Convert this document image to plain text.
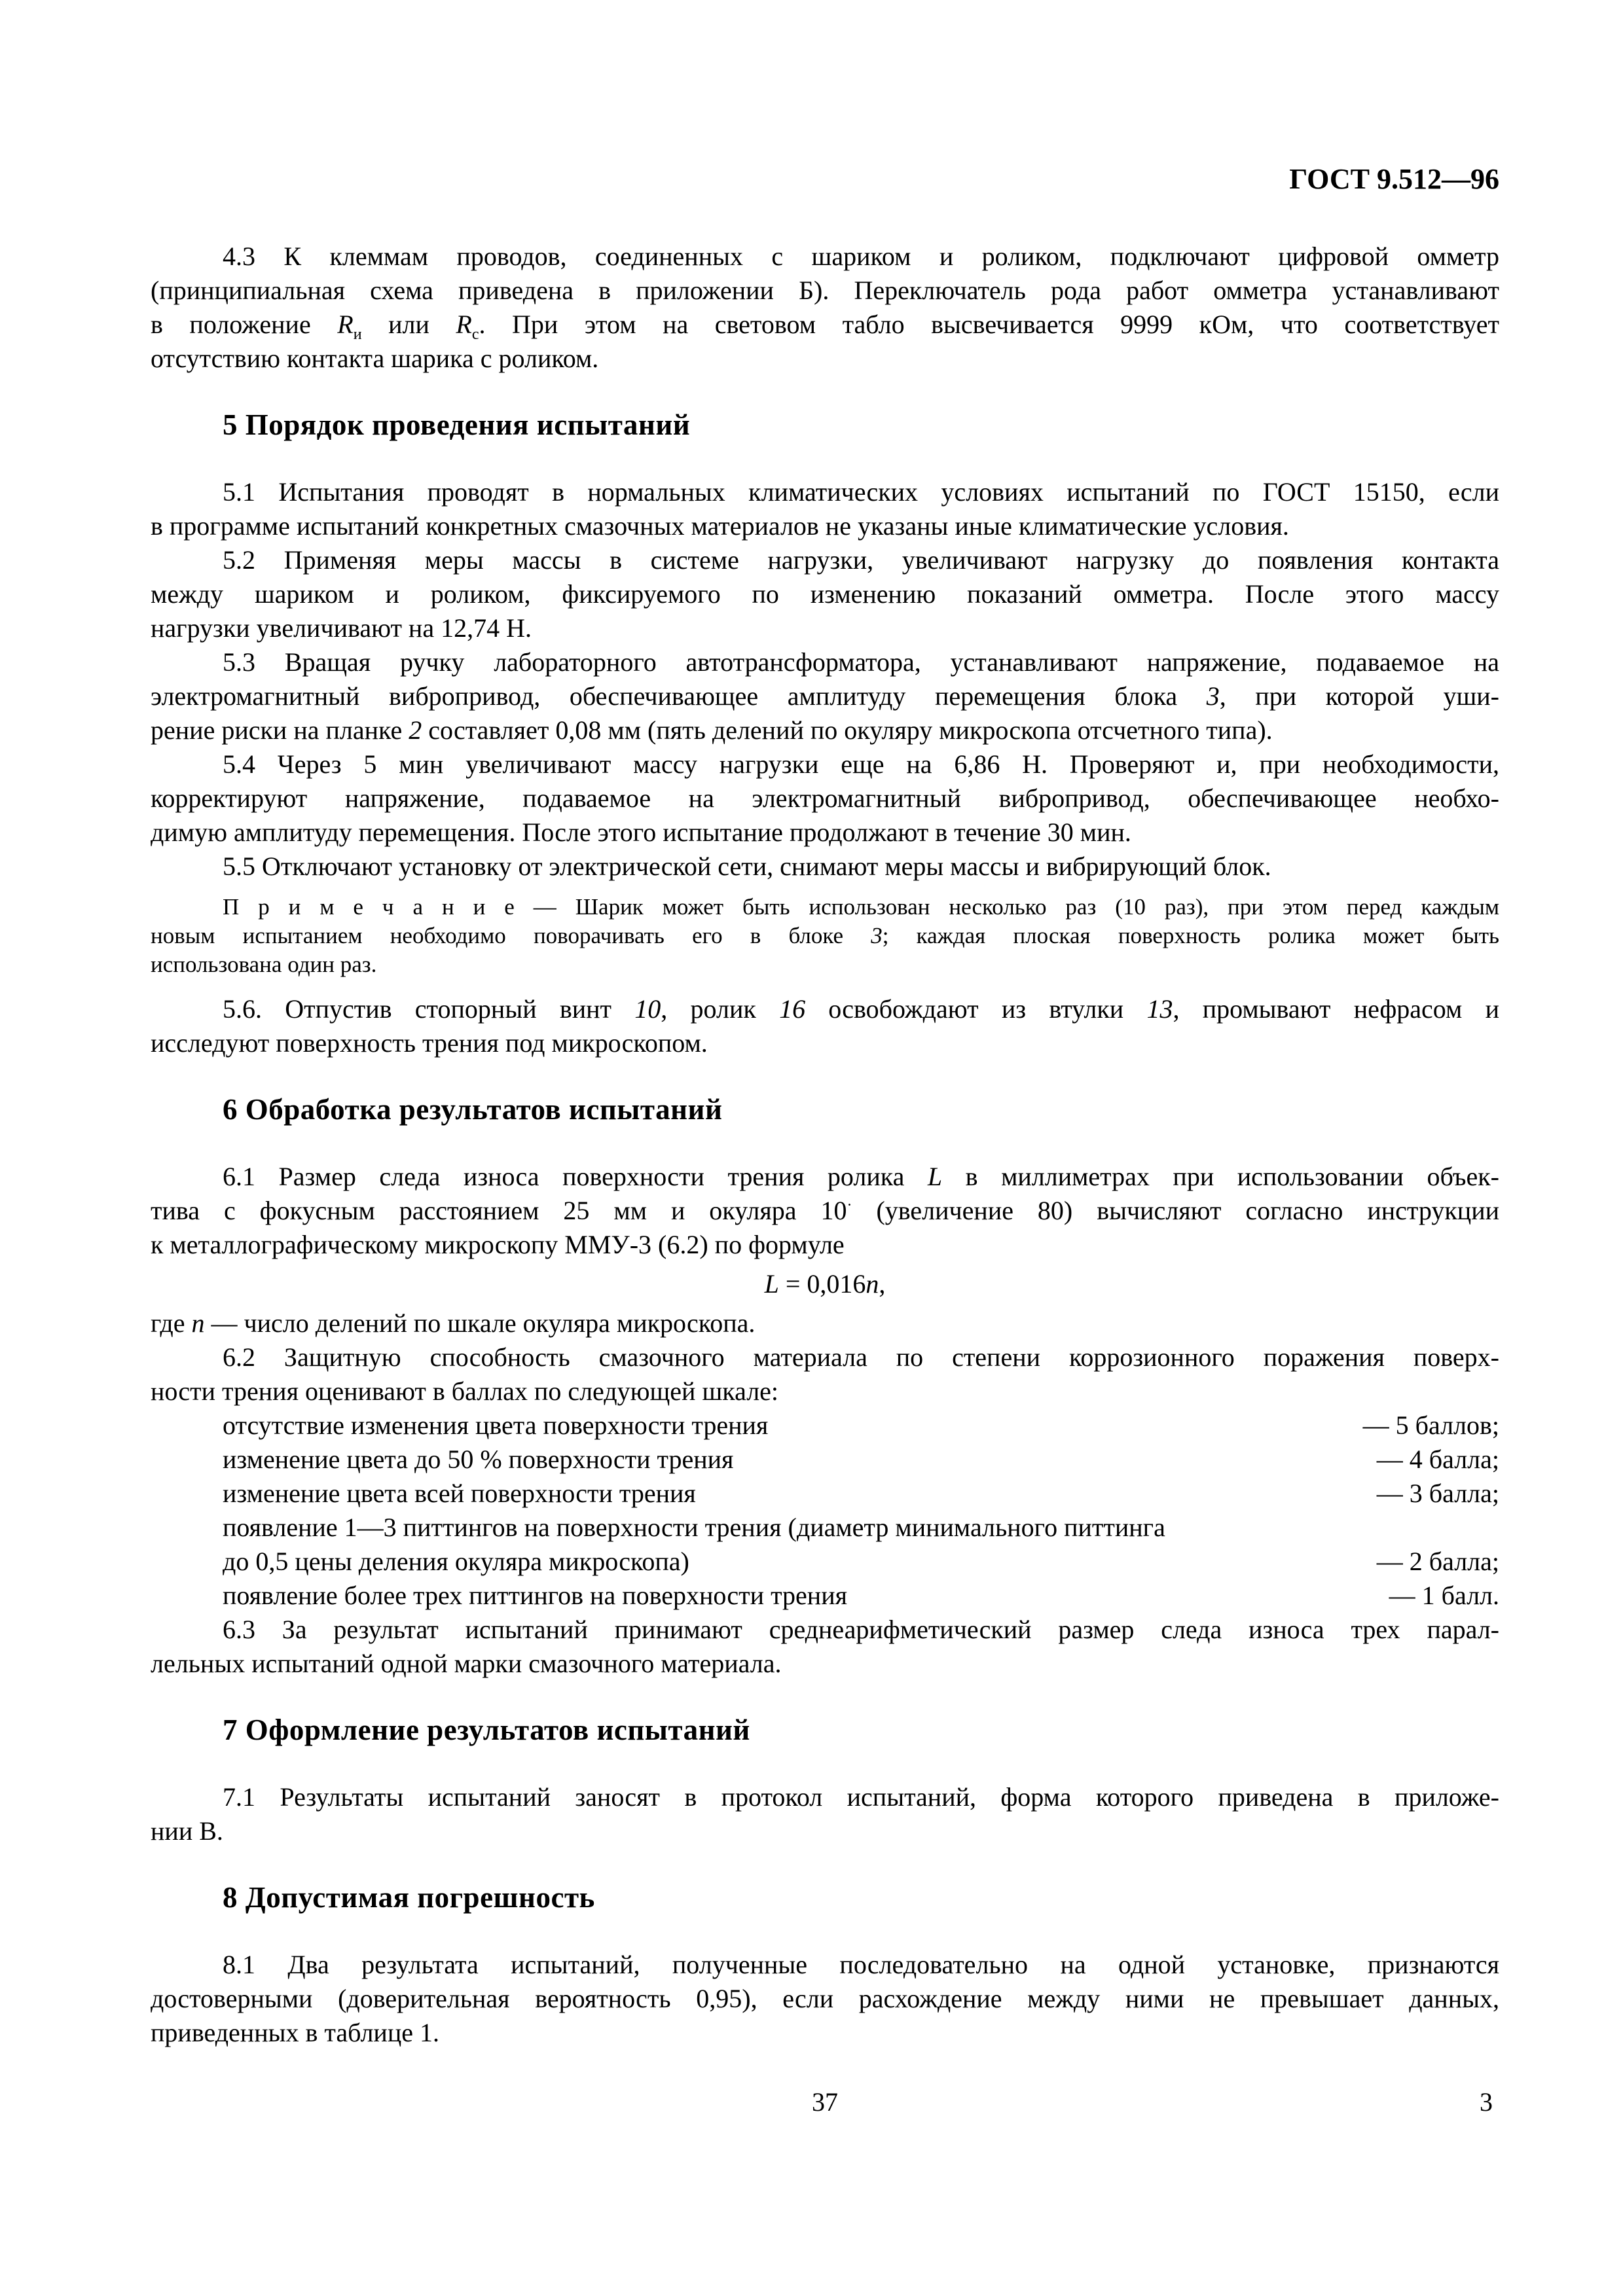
ГОСТ 9.512—96
4.3 К клеммам проводов, соединенных с шариком и роликом, подключают цифровой омметр
(принципиальная схема приведена в приложении Б). Переключатель рода работ омметра устанавливают
в положение $R_и$ или $R_с$. При этом на световом табло высвечивается 9999 кОм, что соответствует
отсутствию контакта шарика с роликом.
5 Порядок проведения испытаний
5.1 Испытания проводят в нормальных климатических условиях испытаний по ГОСТ 15150, если
в программе испытаний конкретных смазочных материалов не указаны иные климатические условия.
5.2 Применяя меры массы в системе нагрузки, увеличивают нагрузку до появления контакта
между шариком и роликом, фиксируемого по изменению показаний омметра. После этого массу
нагрузки увеличивают на 12,74 Н.
5.3 Вращая ручку лабораторного автотрансформатора, устанавливают напряжение, подаваемое на
электромагнитный вибропривод, обеспечивающее амплитуду перемещения блока 3, при которой уши-
рение риски на планке 2 составляет 0,08 мм (пять делений по окуляру микроскопа отсчетного типа).
5.4 Через 5 мин увеличивают массу нагрузки еще на 6,86 Н. Проверяют и, при необходимости,
корректируют напряжение, подаваемое на электромагнитный вибропривод, обеспечивающее необхо-
димую амплитуду перемещения. После этого испытание продолжают в течение 30 мин.
5.5 Отключают установку от электрической сети, снимают меры массы и вибрирующий блок.
П р и м е ч а н и е — Шарик может быть использован несколько раз (10 раз), при этом перед каждым
новым испытанием необходимо поворачивать его в блоке 3; каждая плоская поверхность ролика может быть
использована один раз.
5.6. Отпустив стопорный винт 10, ролик 16 освобождают из втулки 13, промывают нефрасом и
исследуют поверхность трения под микроскопом.
6 Обработка результатов испытаний
6.1 Размер следа износа поверхности трения ролика L в миллиметрах при использовании объек-
тива с фокусным расстоянием 25 мм и окуляра 10· (увеличение 80) вычисляют согласно инструкции
к металлографическому микроскопу ММУ-3 (6.2) по формуле
L = 0,016n,
где n — число делений по шкале окуляра микроскопа.
6.2 Защитную способность смазочного материала по степени коррозионного поражения поверх-
ности трения оценивают в баллах по следующей шкале:
отсутствие изменения цвета поверхности трения	— 5 баллов;
изменение цвета до 50 % поверхности трения	— 4 балла;
изменение цвета всей поверхности трения	— 3 балла;
появление 1—3 питтингов на поверхности трения (диаметр минимального питтинга
до 0,5 цены деления окуляра микроскопа)	— 2 балла;
появление более трех питтингов на поверхности трения	— 1 балл.
6.3 За результат испытаний принимают среднеарифметический размер следа износа трех парал-
лельных испытаний одной марки смазочного материала.
7 Оформление результатов испытаний
7.1 Результаты испытаний заносят в протокол испытаний, форма которого приведена в приложе-
нии В.
8 Допустимая погрешность
8.1 Два результата испытаний, полученные последовательно на одной установке, признаются
достоверными (доверительная вероятность 0,95), если расхождение между ними не превышает данных,
приведенных в таблице 1.
37	3
